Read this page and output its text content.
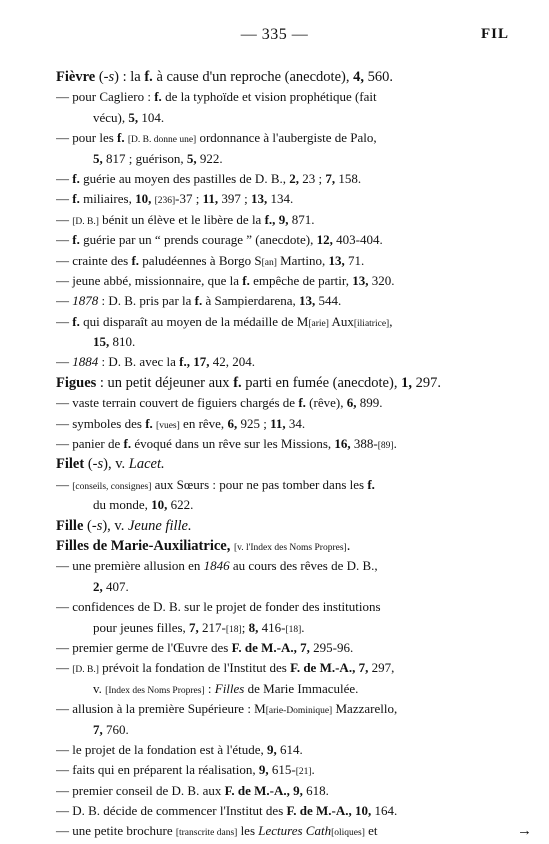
— 335 —	FIL
Fièvre (-s) : la f. à cause d'un reproche (anecdote), 4, 560.
— pour Cagliero : f. de la typhoïde et vision prophétique (fait
vécu), 5, 104.
— pour les f. [D. B. donne une] ordonnance à l'aubergiste de Palo,
5, 817 ; guérison, 5, 922.
— f. guérie au moyen des pastilles de D. B., 2, 23 ; 7, 158.
— f. miliaires, 10, [236]-37 ; 11, 397 ; 13, 134.
— [D. B.] bénit un élève et le libère de la f., 9, 871.
— f. guérie par un “ prends courage ” (anecdote), 12, 403-404.
— crainte des f. paludéennes à Borgo S[an] Martino, 13, 71.
— jeune abbé, missionnaire, que la f. empêche de partir, 13, 320.
— 1878 : D. B. pris par la f. à Sampierdarena, 13, 544.
— f. qui disparaît au moyen de la médaille de M[arie] Aux[iliatrice],
15, 810.
— 1884 : D. B. avec la f., 17, 42, 204.
Figues : un petit déjeuner aux f. parti en fumée (anecdote), 1, 297.
— vaste terrain couvert de figuiers chargés de f. (rêve), 6, 899.
— symboles des f. [vues] en rêve, 6, 925 ; 11, 34.
— panier de f. évoqué dans un rêve sur les Missions, 16, 388-[89].
Filet (-s), v. Lacet.
— [conseils, consignes] aux Sœurs : pour ne pas tomber dans les f.
du monde, 10, 622.
Fille (-s), v. Jeune fille.
Filles de Marie-Auxiliatrice, [v. l'Index des Noms Propres].
— une première allusion en 1846 au cours des rêves de D. B.,
2, 407.
— confidences de D. B. sur le projet de fonder des institutions
pour jeunes filles, 7, 217-[18]; 8, 416-[18].
— premier germe de l'Œuvre des F. de M.-A., 7, 295-96.
— [D. B.] prévoit la fondation de l'Institut des F. de M.-A., 7, 297,
v. [Index des Noms Propres] : Filles de Marie Immaculée.
— allusion à la première Supérieure : M[arie-Dominique] Mazzarello,
7, 760.
— le projet de la fondation est à l'étude, 9, 614.
— faits qui en préparent la réalisation, 9, 615-[21].
— premier conseil de D. B. aux F. de M.-A., 9, 618.
— D. B. décide de commencer l'Institut des F. de M.-A., 10, 164.
— une petite brochure [transcrite dans] les Lectures Cath[oliques] et	→
